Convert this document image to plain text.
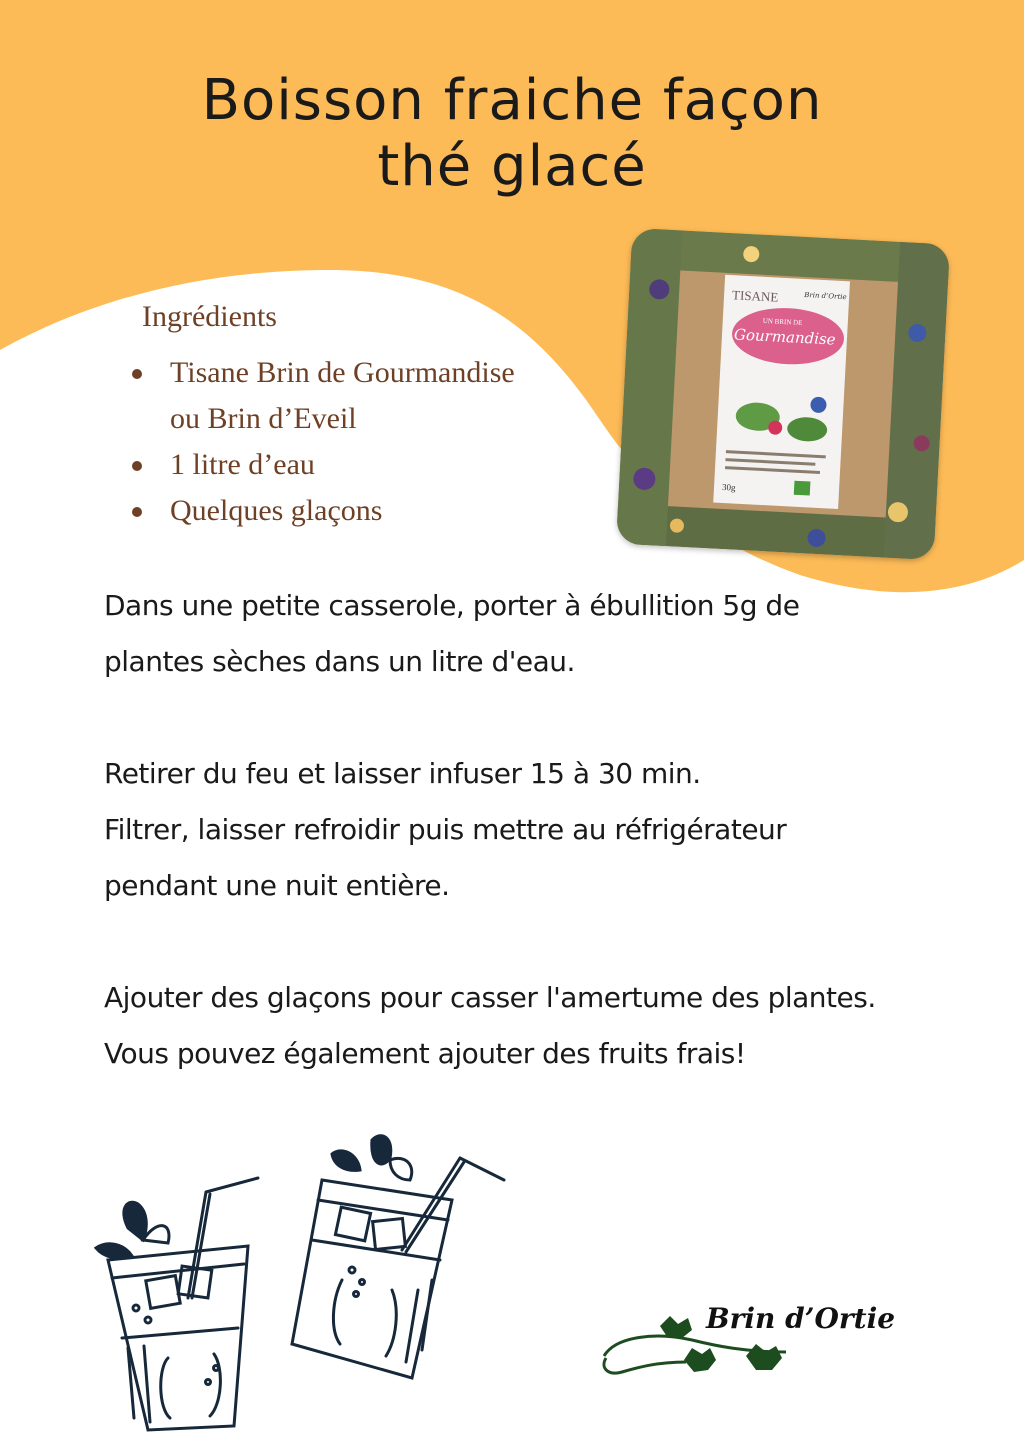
Boisson fraiche façon
thé glacé
Ingrédients
Tisane Brin de Gourmandise
ou Brin d’Eveil
1 litre d’eau
Quelques glaçons
TISANE	Brin d’Ortie
UN BRIN DE
Gourmandise
30g

Dans une petite casserole, porter à ébullition 5g de
plantes sèches dans un litre d'eau.

Retirer du feu et laisser infuser 15 à 30 min.
Filtrer, laisser refroidir puis mettre au réfrigérateur
pendant une nuit entière.

Ajouter des glaçons pour casser l'amertume des plantes.
Vous pouvez également ajouter des fruits frais!

Brin d’Ortie
